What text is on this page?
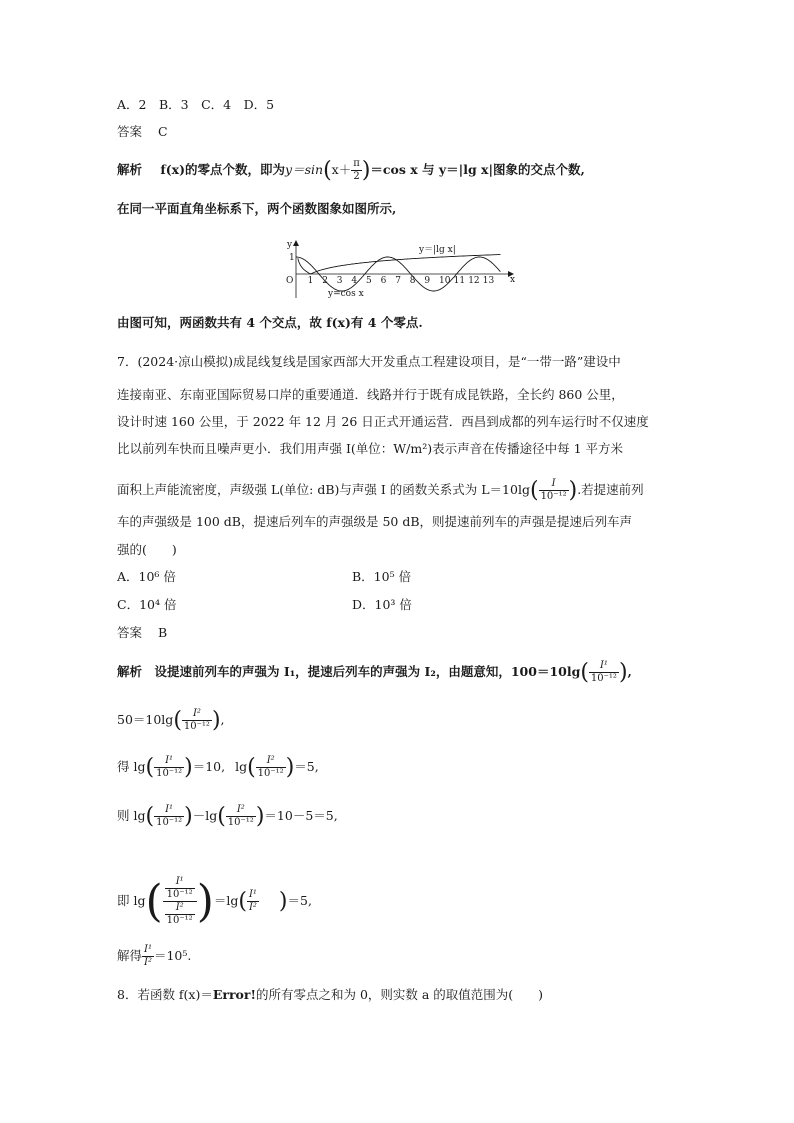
A．2　B．3　C．4　D．5
答案 C
解析 f(x)的零点个数，即为$y=\sin(x+ \frac{\pi}{2} )=\cos$ x 与 y＝|lg x|图象的交点个数,
在同一平面直角坐标系下，两个函数图象如图所示,
y
x
O
1
1 2 3 4 5 6 7 8 9 10 11 12 13
y＝|lg x|
y=cos x
由图可知，两函数共有 4 个交点，故 f(x)有 4 个零点.
7．(2024·凉山模拟)成昆线复线是国家西部大开发重点工程建设项目，是“一带一路”建设中
连接南亚、东南亚国际贸易口岸的重要通道．线路并行于既有成昆铁路，全长约 860 公里，
设计时速 160 公里，于 2022 年 12 月 26 日正式开通运营．西昌到成都的列车运行时不仅速度
比以前列车快而且噪声更小．我们用声强 I(单位：W/m²)表示声音在传播途径中每 1 平方米
面积上声能流密度，声级强 L(单位: dB)与声强 I 的函数关系式为 $L=10\lg( \frac{I}{\text{10⁻¹²}}$ ).若提速前列
车的声强级是 100 dB，提速后列车的声强级是 50 dB，则提速前列车的声强是提速后列车声
强的(　　)
A．10⁶ 倍	B．10⁵ 倍
C．10⁴ 倍	D．10³ 倍
答案 B
解析　设提速前列车的声强为 I₁，提速后列车的声强为 I₂，由题意知，$100=10\lg( \frac{\text{I¹}}{\text{10⁻¹²}}$ ),
$50=10\lg( \frac{\text{I²}}{\text{10⁻¹²}}$ ),
得 $\lg( \frac{\text{I¹}}{\text{10⁻¹²}} )=10$, $\lg( \frac{\text{I²}}{\text{10⁻¹²}} )=5$,
则 $\lg( \frac{\text{I¹}}{\text{10⁻¹²}} )-\lg( \frac{\text{I²}}{\text{10⁻¹²}} )=10-5=5$,
即 $\lg( \frac{\frac{\text{I¹}}{\text{10⁻¹²}}}{\frac{\text{I²}}{\text{10⁻¹²}}} )=\lg( \frac{\text{I¹}}{\text{I²}} )=5$,
解得 $\frac{\text{I¹}}{\text{I²}} =10^5$.
8．若函数 f(x)＝Error!的所有零点之和为 0，则实数 a 的取值范围为(　　)
